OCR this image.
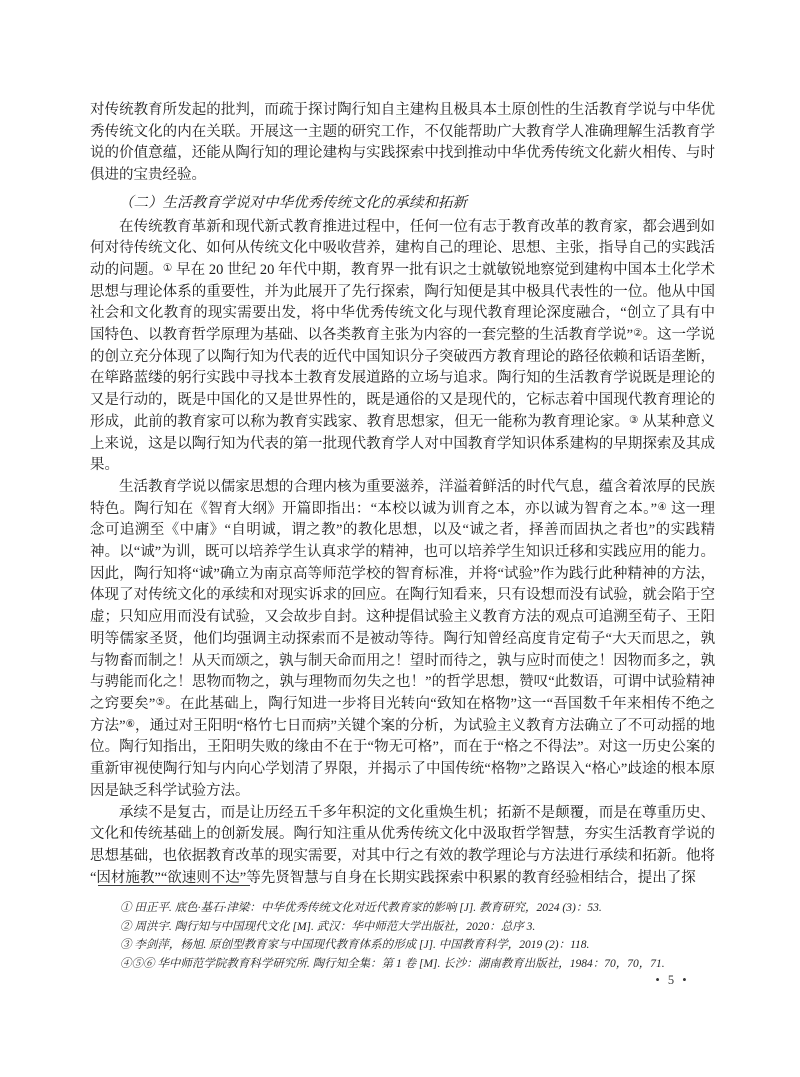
对传统教育所发起的批判，而疏于探讨陶行知自主建构且极具本土原创性的生活教育学说与中华优秀传统文化的内在关联。开展这一主题的研究工作，不仅能帮助广大教育学人准确理解生活教育学说的价值意蕴，还能从陶行知的理论建构与实践探索中找到推动中华优秀传统文化薪火相传、与时俱进的宝贵经验。

（二）生活教育学说对中华优秀传统文化的承续和拓新

在传统教育革新和现代新式教育推进过程中，任何一位有志于教育改革的教育家，都会遇到如何对待传统文化、如何从传统文化中吸收营养，建构自己的理论、思想、主张，指导自己的实践活动的问题。① 早在 20 世纪 20 年代中期，教育界一批有识之士就敏锐地察觉到建构中国本土化学术思想与理论体系的重要性，并为此展开了先行探索，陶行知便是其中极具代表性的一位。他从中国社会和文化教育的现实需要出发，将中华优秀传统文化与现代教育理论深度融合，“创立了具有中国特色、以教育哲学原理为基础、以各类教育主张为内容的一套完整的生活教育学说”②。这一学说的创立充分体现了以陶行知为代表的近代中国知识分子突破西方教育理论的路径依赖和话语垄断，在筚路蓝缕的躬行实践中寻找本土教育发展道路的立场与追求。陶行知的生活教育学说既是理论的又是行动的，既是中国化的又是世界性的，既是通俗的又是现代的，它标志着中国现代教育理论的形成，此前的教育家可以称为教育实践家、教育思想家，但无一能称为教育理论家。③ 从某种意义上来说，这是以陶行知为代表的第一批现代教育学人对中国教育学知识体系建构的早期探索及其成果。

生活教育学说以儒家思想的合理内核为重要滋养，洋溢着鲜活的时代气息，蕴含着浓厚的民族特色。陶行知在《智育大纲》开篇即指出：“本校以诚为训育之本，亦以诚为智育之本。”④ 这一理念可追溯至《中庸》“自明诚，谓之教”的教化思想，以及“诚之者，择善而固执之者也”的实践精神。以“诚”为训，既可以培养学生认真求学的精神，也可以培养学生知识迁移和实践应用的能力。因此，陶行知将“诚”确立为南京高等师范学校的智育标准，并将“试验”作为践行此种精神的方法，体现了对传统文化的承续和对现实诉求的回应。在陶行知看来，只有设想而没有试验，就会陷于空虚；只知应用而没有试验，又会故步自封。这种提倡试验主义教育方法的观点可追溯至荀子、王阳明等儒家圣贤，他们均强调主动探索而不是被动等待。陶行知曾经高度肯定荀子“大天而思之，孰与物畜而制之！从天而颂之，孰与制天命而用之！望时而待之，孰与应时而使之！因物而多之，孰与骋能而化之！思物而物之，孰与理物而勿失之也！”的哲学思想，赞叹“此数语，可谓中试验精神之窍要矣”⑤。在此基础上，陶行知进一步将目光转向“致知在格物”这一“吾国数千年来相传不绝之方法”⑥，通过对王阳明“格竹七日而病”关键个案的分析，为试验主义教育方法确立了不可动摇的地位。陶行知指出，王阳明失败的缘由不在于“物无可格”，而在于“格之不得法”。对这一历史公案的重新审视使陶行知与内向心学划清了界限，并揭示了中国传统“格物”之路误入“格心”歧途的根本原因是缺乏科学试验方法。

承续不是复古，而是让历经五千多年积淀的文化重焕生机；拓新不是颠覆，而是在尊重历史、文化和传统基础上的创新发展。陶行知注重从优秀传统文化中汲取哲学智慧，夯实生活教育学说的思想基础，也依据教育改革的现实需要，对其中行之有效的教学理论与方法进行承续和拓新。他将“因材施教”“欲速则不达”等先贤智慧与自身在长期实践探索中积累的教育经验相结合，提出了探

① 田正平. 底色·基石·津梁：中华优秀传统文化对近代教育家的影响 [J]. 教育研究，2024 (3)：53.

② 周洪宇. 陶行知与中国现代文化 [M]. 武汉：华中师范大学出版社，2020：总序 3.

③ 李剑萍，杨旭. 原创型教育家与中国现代教育体系的形成 [J]. 中国教育科学，2019 (2)：118.

④⑤⑥ 华中师范学院教育科学研究所. 陶行知全集：第 1 卷 [M]. 长沙：湖南教育出版社，1984：70，70，71.

• 5 •
